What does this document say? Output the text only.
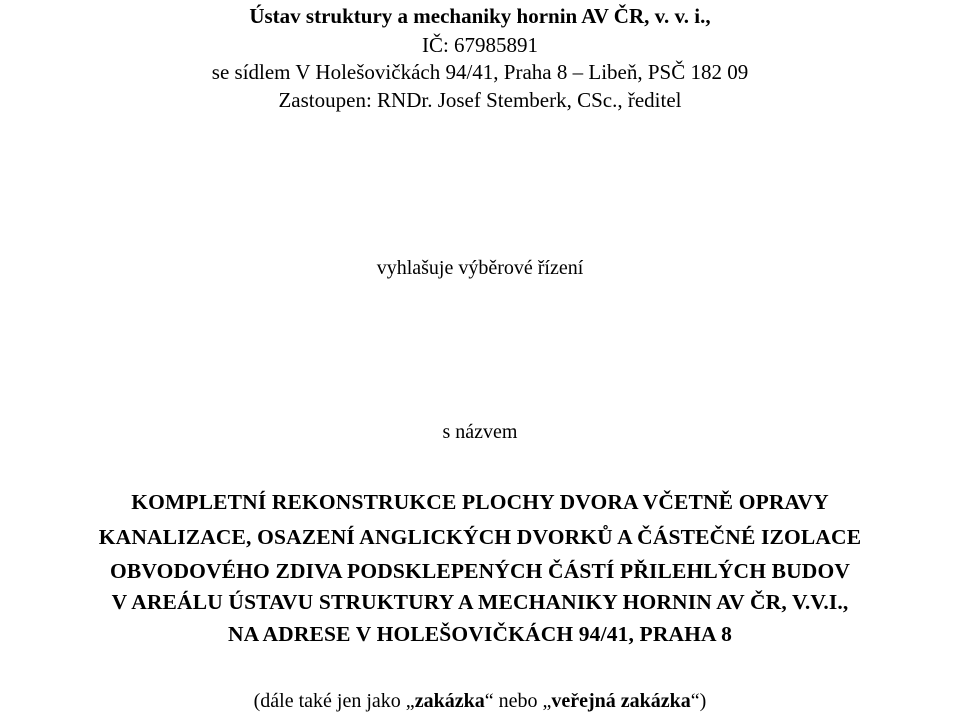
Ústav struktury a mechaniky hornin AV ČR, v. v. i.,
IČ: 67985891
se sídlem V Holešovičkách 94/41, Praha 8 – Libeň, PSČ 182 09
Zastoupen: RNDr. Josef Stemberk, CSc., ředitel
vyhlašuje výběrové řízení
s názvem
KOMPLETNÍ REKONSTRUKCE PLOCHY DVORA VČETNĚ OPRAVY
KANALIZACE, OSAZENÍ ANGLICKÝCH DVORKŮ A ČÁSTEČNÉ IZOLACE
OBVODOVÉHO ZDIVA PODSKLEPENÝCH ČÁSTÍ PŘILEHLÝCH BUDOV
V AREÁLU ÚSTAVU STRUKTURY A MECHANIKY HORNIN AV ČR, V.V.I.,
NA ADRESE V HOLEŠOVIČKÁCH 94/41, PRAHA 8
(dále také jen jako „zakázka“ nebo „veřejná zakázka“)
